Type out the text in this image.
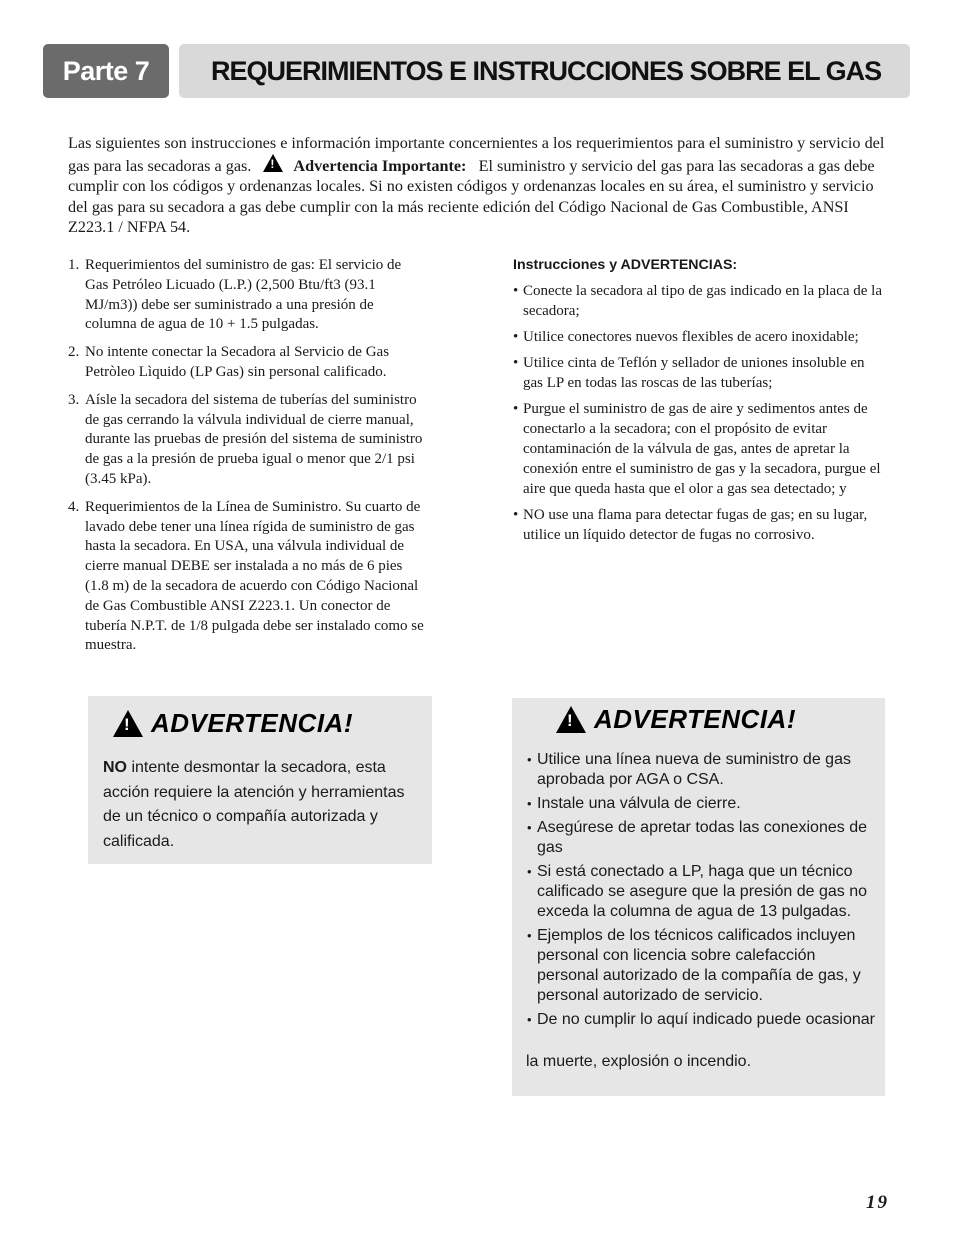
Parte 7	REQUERIMIENTOS E INSTRUCCIONES SOBRE EL GAS
Las siguientes son instrucciones e información importante concernientes a los requerimientos para el suministro y servicio del gas para las secadoras a gas.!	Advertencia Importante: El suministro y servicio del gas para las secadoras a gas debe cumplir con los códigos y ordenanzas locales. Si no existen códigos y ordenanzas locales en su área, el suministro y servicio del gas para su secadora a gas debe cumplir con la más reciente edición del Código Nacional de Gas Combustible, ANSI Z223.1 / NFPA 54.
1. Requerimientos del suministro de gas: El servicio de Gas Petróleo Licuado (L.P.) (2,500 Btu/ft3 (93.1 MJ/m3)) debe ser suministrado a una presión de columna de agua de 10 + 1.5 pulgadas.
2. No intente conectar la Secadora al Servicio de Gas Petròleo Lìquido (LP Gas) sin personal calificado.
3. Aísle la secadora del sistema de tuberías del suministro de gas cerrando la válvula individual de cierre manual, durante las pruebas de presión del sistema de suministro de gas a la presión de prueba igual o menor que 2/1 psi (3.45 kPa).
4. Requerimientos de la Línea de Suministro. Su cuarto de lavado debe tener una línea rígida de suministro de gas hasta la secadora. En USA, una válvula individual de cierre manual DEBE ser instalada a no más de 6 pies (1.8 m) de la secadora de acuerdo con Código Nacional de Gas Combustible ANSI Z223.1. Un conector de tubería N.P.T. de 1/8 pulgada debe ser instalado como se muestra.
Instrucciones y ADVERTENCIAS:
• Conecte la secadora al tipo de gas indicado en la placa de la secadora;
• Utilice conectores nuevos flexibles de acero inoxidable;
• Utilice cinta de Teflón y sellador de uniones insoluble en gas LP en todas las roscas de las tuberías;
• Purgue el suministro de gas de aire y sedimentos antes de conectarlo a la secadora; con el propósito de evitar contaminación de la válvula de gas, antes de apretar la conexión entre el suministro de gas y la secadora, purgue el aire que queda hasta que el olor a gas sea detectado; y
• NO use una flama para detectar fugas de gas; en su lugar, utilice un líquido detector de fugas no corrosivo.
!
ADVERTENCIA!
NO intente desmontar la secadora, esta acción requiere la atención y herramientas de un técnico o compañía autorizada y calificada.
!
ADVERTENCIA!
• Utilice una línea nueva de suministro de gas aprobada por AGA o CSA.
• Instale una válvula de cierre.
• Asegúrese de apretar todas las conexiones de gas
• Si está conectado a LP, haga que un técnico calificado se asegure que la presión de gas no exceda la columna de agua de 13 pulgadas.
• Ejemplos de los técnicos calificados incluyen personal con licencia sobre calefacción personal autorizado de la compañía de gas, y personal autorizado de servicio.
• De no cumplir lo aquí indicado puede ocasionar
la muerte, explosión o incendio.
19
